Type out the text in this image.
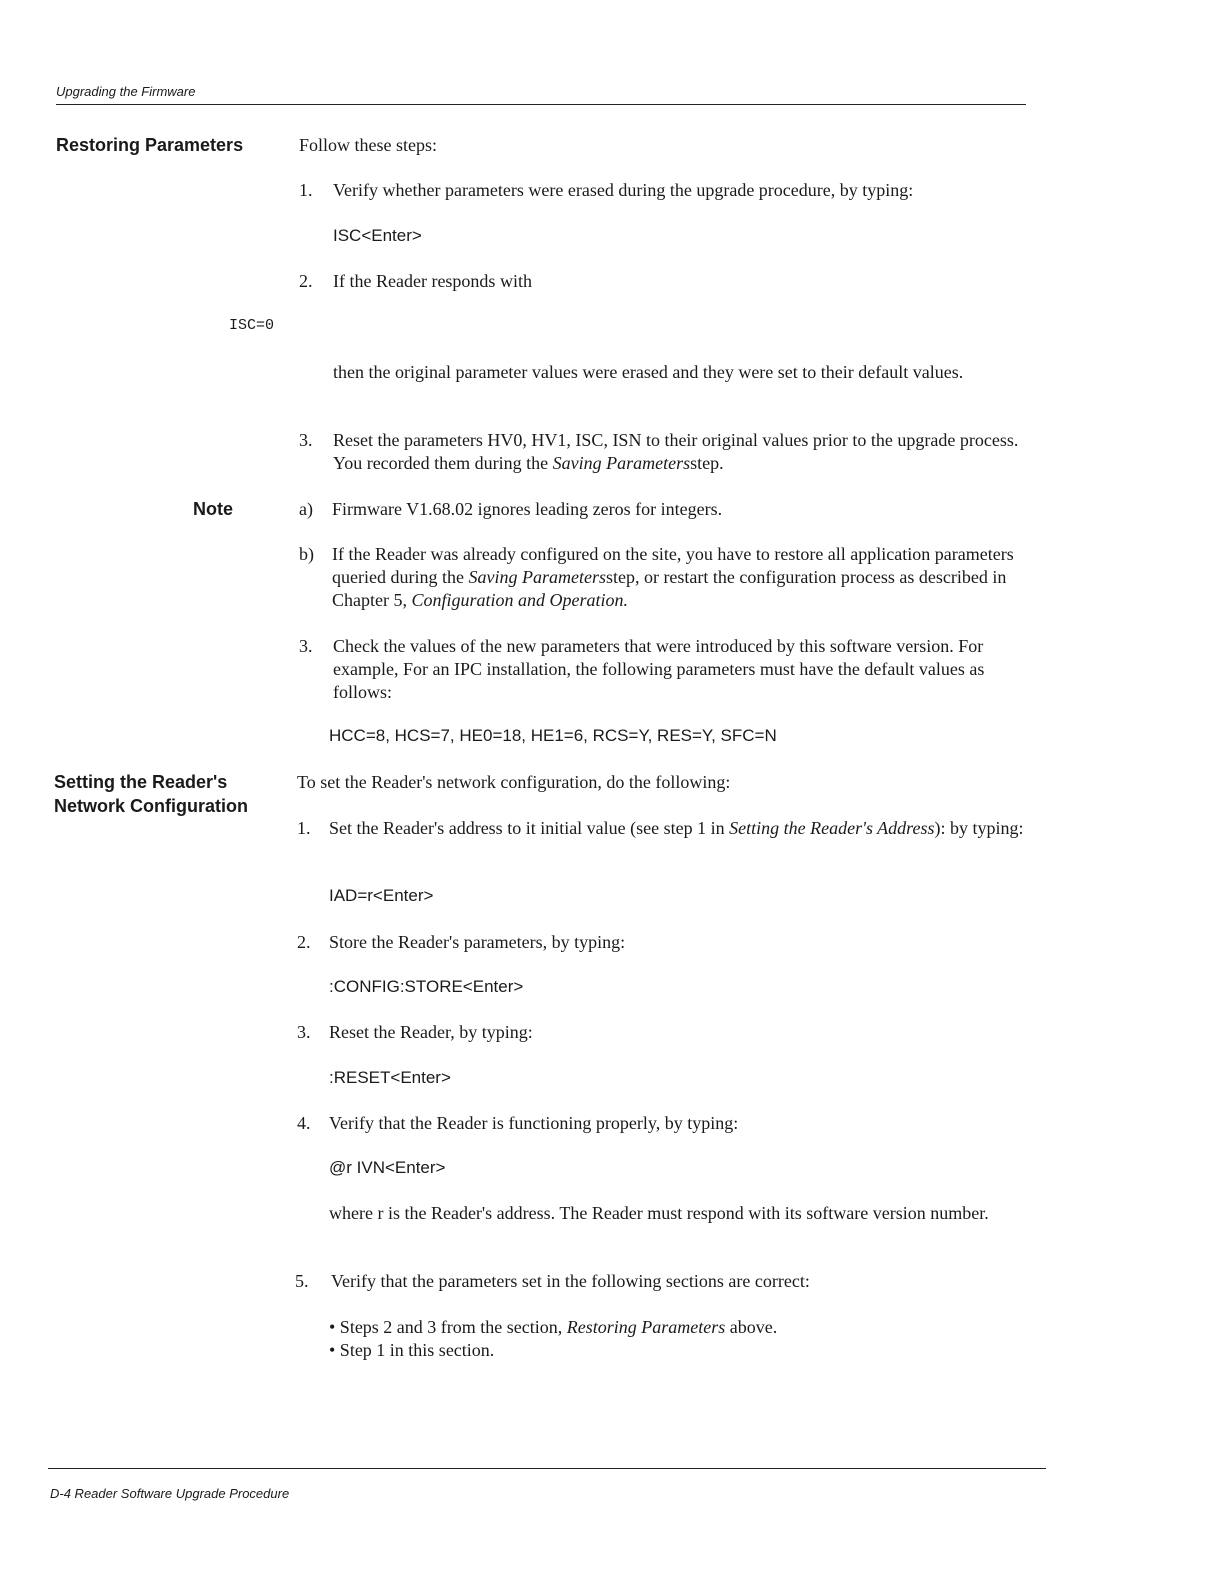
Upgrading the Firmware
Restoring Parameters	Follow these steps:
1. Verify whether parameters were erased during the upgrade procedure, by typing:
ISC<Enter>
2. If the Reader responds with
ISC=0
then the original parameter values were erased and they were set to their default values.
3. Reset the parameters HV0, HV1, ISC, ISN to their original values prior to the upgrade process. You recorded them during the Saving Parametersstep.
Note	a) Firmware V1.68.02 ignores leading zeros for integers.
b) If the Reader was already configured on the site, you have to restore all application parameters queried during the Saving Parametersstep, or restart the configuration process as described in Chapter 5, Configuration and Operation.
3. Check the values of the new parameters that were introduced by this software version. For example, For an IPC installation, the following parameters must have the default values as follows:
HCC=8, HCS=7, HE0=18, HE1=6, RCS=Y, RES=Y, SFC=N
Setting the Reader's
Network Configuration
To set the Reader's network configuration, do the following:
1. Set the Reader's address to it initial value (see step 1 in Setting the Reader's Address): by typing:
IAD=r<Enter>
2. Store the Reader's parameters, by typing:
:CONFIG:STORE<Enter>
3. Reset the Reader, by typing:
:RESET<Enter>
4. Verify that the Reader is functioning properly, by typing:
@r IVN<Enter>
where r is the Reader's address. The Reader must respond with its software version number.
5. Verify that the parameters set in the following sections are correct:
• Steps 2 and 3 from the section, Restoring Parameters above.
• Step 1 in this section.
D-4 Reader Software Upgrade Procedure
